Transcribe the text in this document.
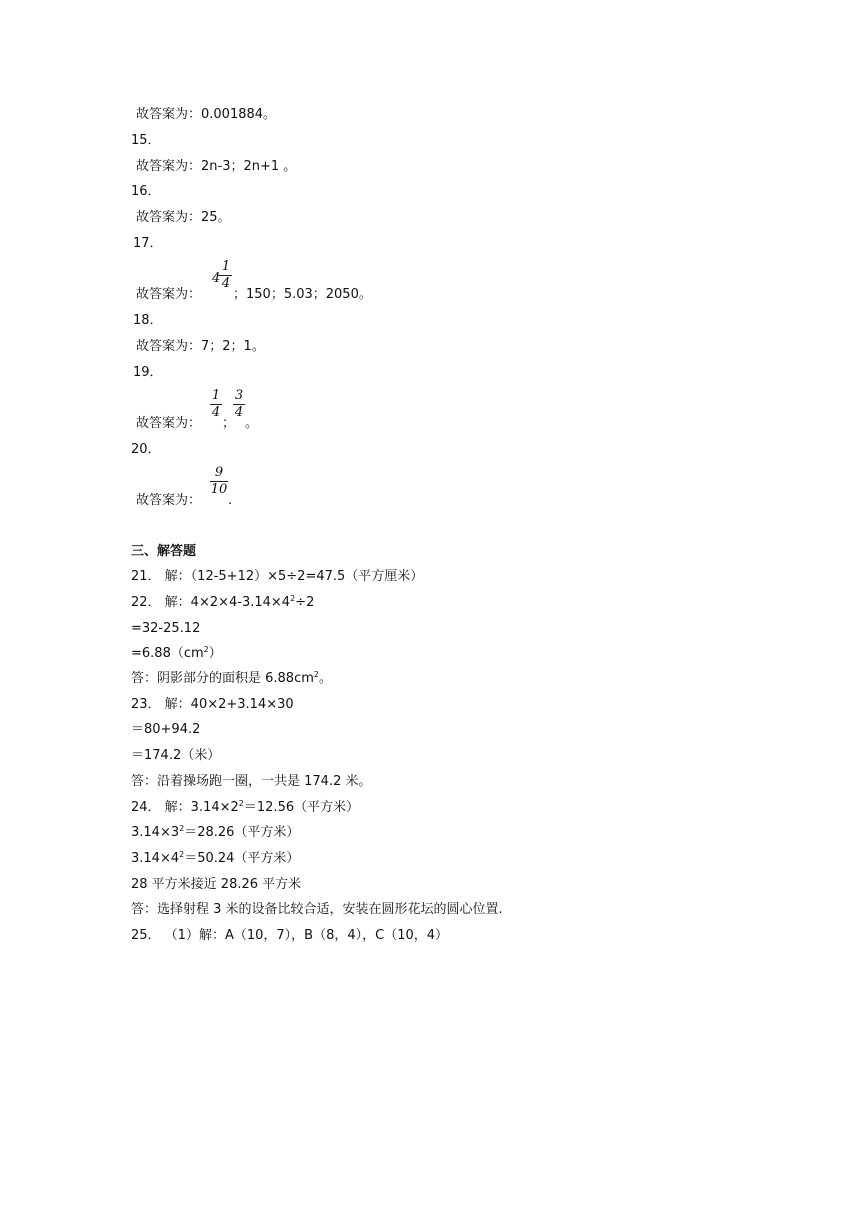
故答案为：0.001884。
15．
故答案为：2n-3；2n+1 。
16．
故答案为：25。
17．
1
4 4
故答案为： ；150；5.03；2050。
18．
故答案为：7；2；1。
19．
1
4
3
4
故答案为： ； 。
20．
9
10
故答案为： .
三、解答题
21． 解：（12-5+12）×5÷2=47.5（平方厘米）
22． 解：$4\times 2\times 4-3.14\times 4^2\div 2$
=32-25.12
$=6.88(cm^2)$
答：阴影部分的面积是 $6.88cm^2$。
23． 解：40×2+3.14×30
＝80+94.2
＝174.2（米）
答：沿着操场跑一圈，一共是 174.2 米。
24． 解：$3.14\times 2^2=12.56$（平方米）
$3.14\times 3^2=28.26$（平方米）
$3.14\times 4^2=50.24$（平方米）
28 平方米接近 28.26 平方米
答：选择射程 3 米的设备比较合适，安装在圆形花坛的圆心位置.
25． （1）解：A（10，7），B（8，4），C（10，4）
